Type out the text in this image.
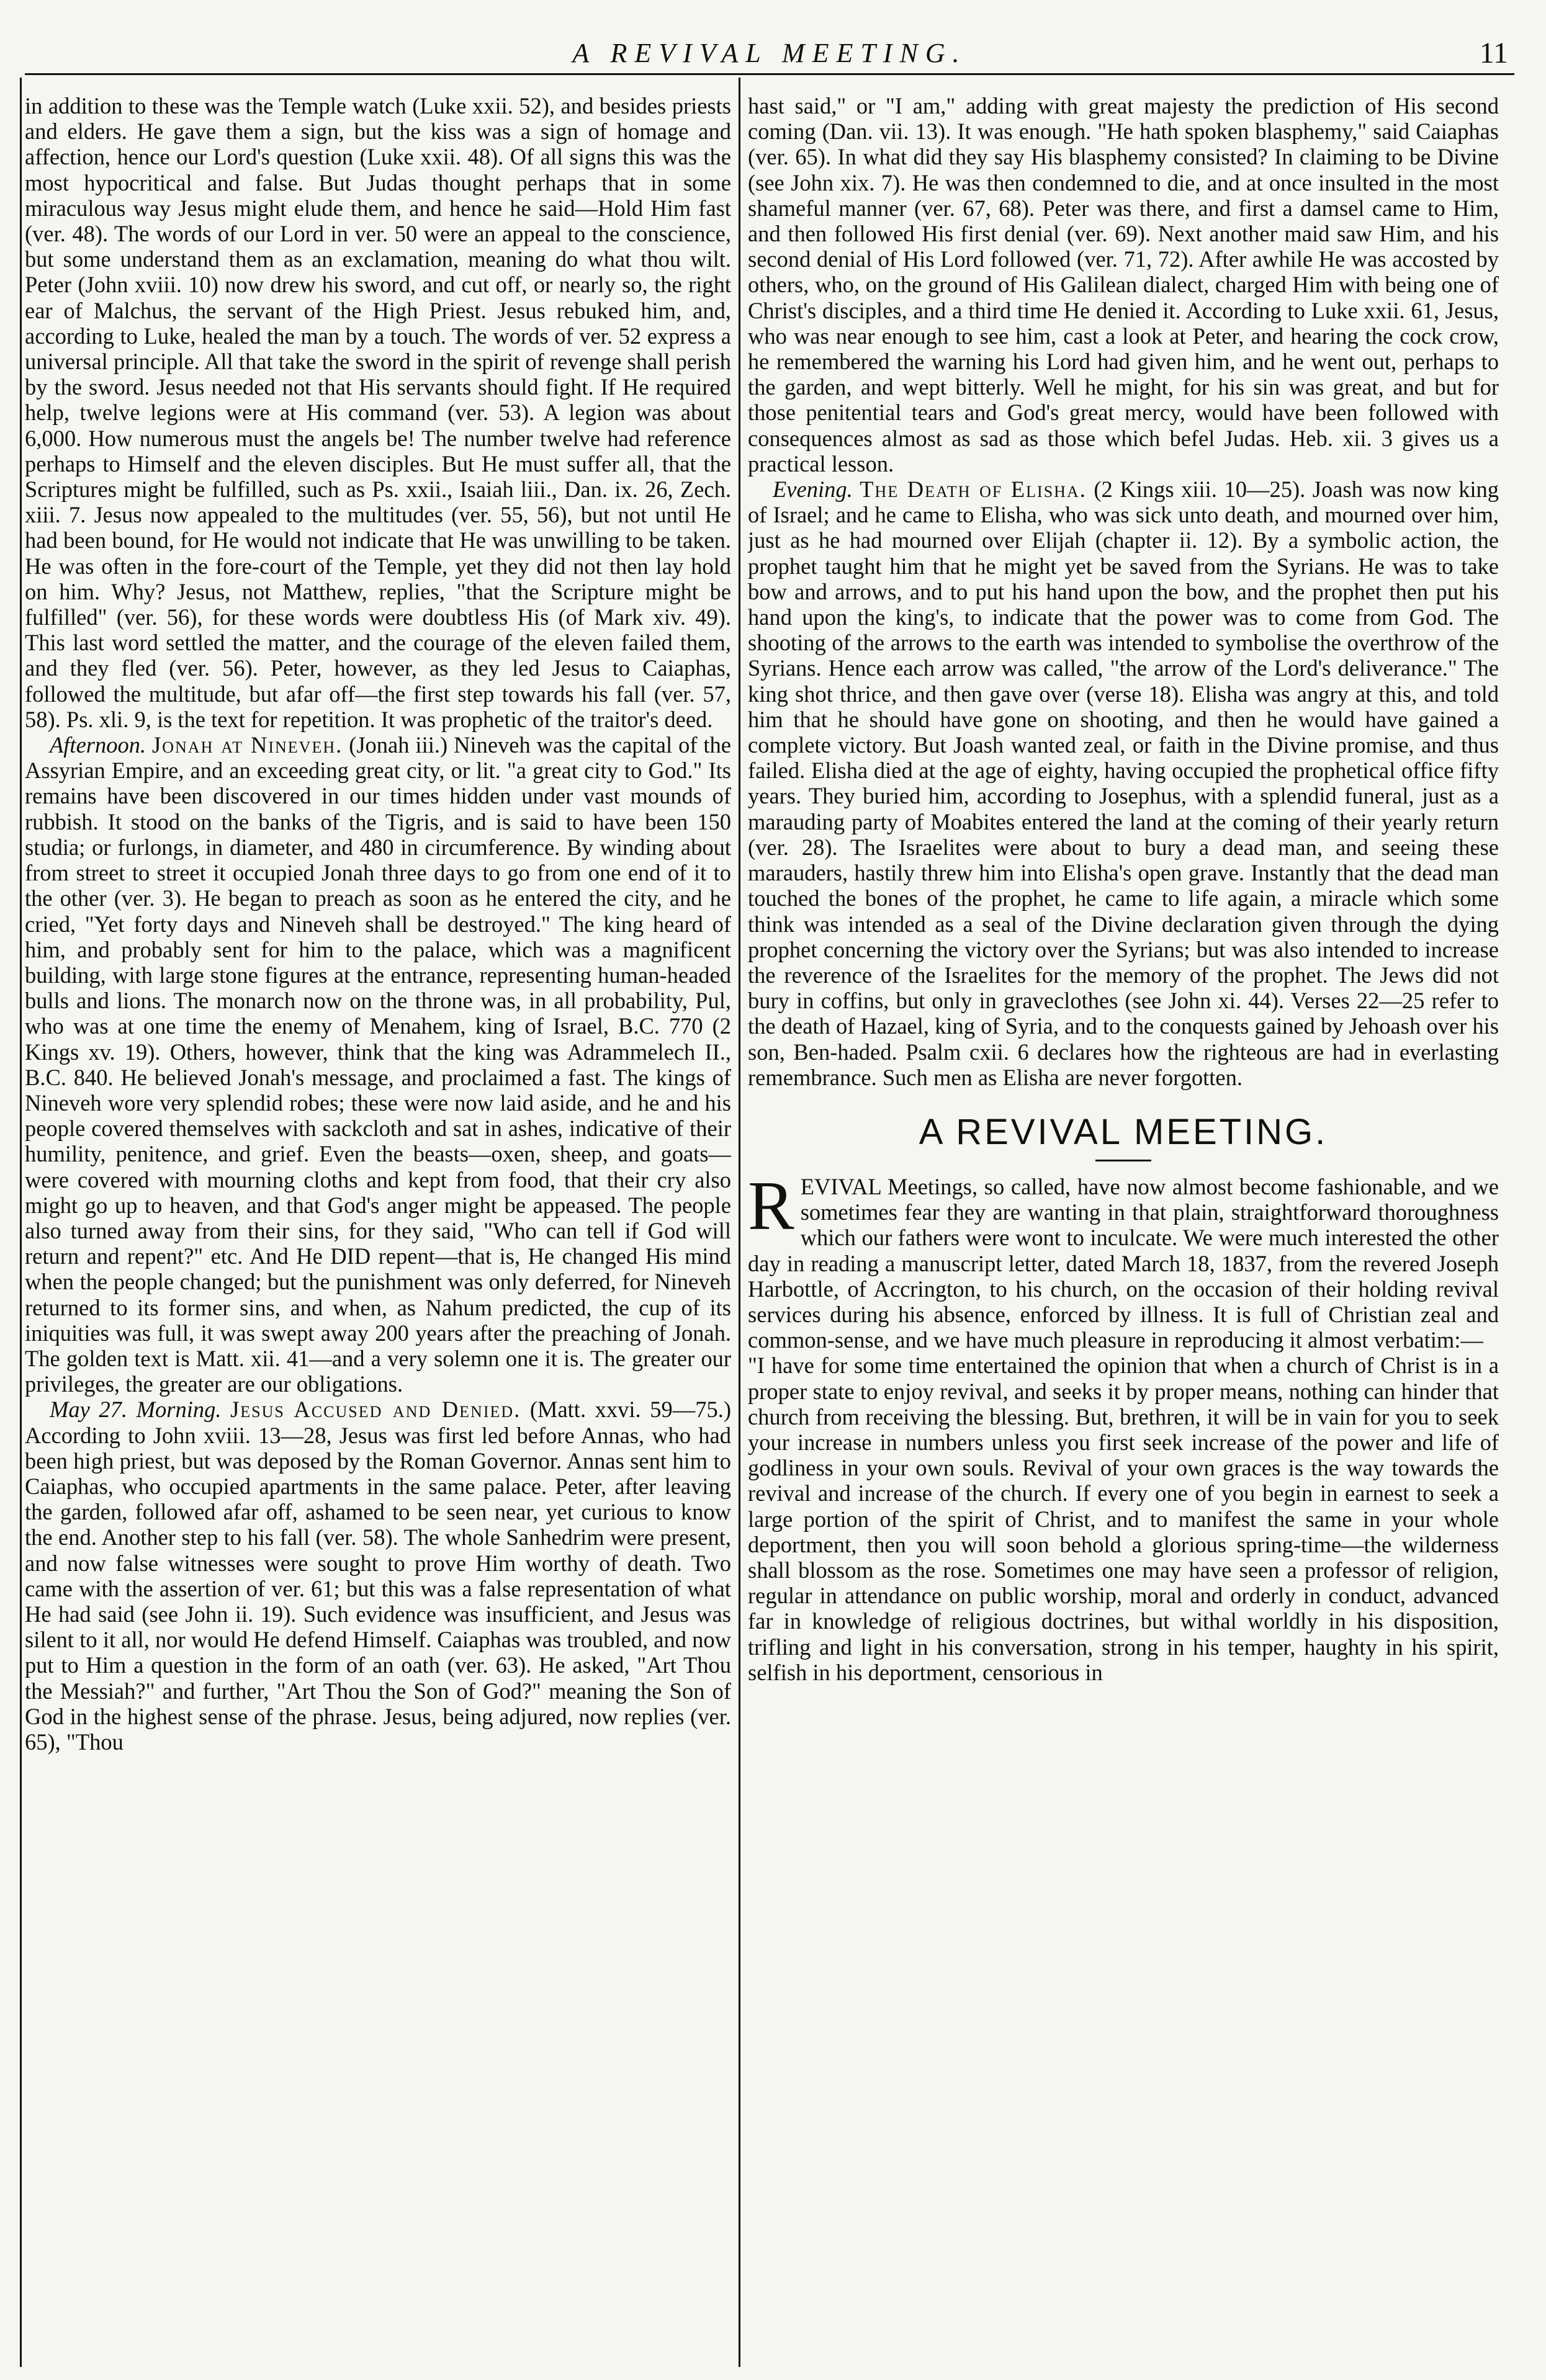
A REVIVAL MEETING.	11

in addition to these was the Temple watch (Luke xxii. 52), and besides priests and elders. He gave them a sign, but the kiss was a sign of homage and affection, hence our Lord's question (Luke xxii. 48). Of all signs this was the most hypocritical and false. But Judas thought perhaps that in some miraculous way Jesus might elude them, and hence he said—Hold Him fast (ver. 48). The words of our Lord in ver. 50 were an appeal to the conscience, but some understand them as an exclamation, meaning do what thou wilt. Peter (John xviii. 10) now drew his sword, and cut off, or nearly so, the right ear of Malchus, the servant of the High Priest. Jesus rebuked him, and, according to Luke, healed the man by a touch. The words of ver. 52 express a universal principle. All that take the sword in the spirit of revenge shall perish by the sword. Jesus needed not that His servants should fight. If He required help, twelve legions were at His command (ver. 53). A legion was about 6,000. How numerous must the angels be! The number twelve had reference perhaps to Himself and the eleven disciples. But He must suffer all, that the Scriptures might be fulfilled, such as Ps. xxii., Isaiah liii., Dan. ix. 26, Zech. xiii. 7. Jesus now appealed to the multitudes (ver. 55, 56), but not until He had been bound, for He would not indicate that He was unwilling to be taken. He was often in the fore-court of the Temple, yet they did not then lay hold on him. Why? Jesus, not Matthew, replies, "that the Scripture might be fulfilled" (ver. 56), for these words were doubtless His (of Mark xiv. 49). This last word settled the matter, and the courage of the eleven failed them, and they fled (ver. 56). Peter, however, as they led Jesus to Caiaphas, followed the multitude, but afar off—the first step towards his fall (ver. 57, 58). Ps. xli. 9, is the text for repetition. It was prophetic of the traitor's deed.

Afternoon. Jonah at Nineveh. (Jonah iii.) Nineveh was the capital of the Assyrian Empire, and an exceeding great city, or lit. "a great city to God." Its remains have been discovered in our times hidden under vast mounds of rubbish. It stood on the banks of the Tigris, and is said to have been 150 studia; or furlongs, in diameter, and 480 in circumference. By winding about from street to street it occupied Jonah three days to go from one end of it to the other (ver. 3). He began to preach as soon as he entered the city, and he cried, "Yet forty days and Nineveh shall be destroyed." The king heard of him, and probably sent for him to the palace, which was a magnificent building, with large stone figures at the entrance, representing human-headed bulls and lions. The monarch now on the throne was, in all probability, Pul, who was at one time the enemy of Menahem, king of Israel, B.C. 770 (2 Kings xv. 19). Others, however, think that the king was Adrammelech II., B.C. 840. He believed Jonah's message, and proclaimed a fast. The kings of Nineveh wore very splendid robes; these were now laid aside, and he and his people covered themselves with sackcloth and sat in ashes, indicative of their humility, penitence, and grief. Even the beasts—oxen, sheep, and goats—were covered with mourning cloths and kept from food, that their cry also might go up to heaven, and that God's anger might be appeased. The people also turned away from their sins, for they said, "Who can tell if God will return and repent?" etc. And He DID repent—that is, He changed His mind when the people changed; but the punishment was only deferred, for Nineveh returned to its former sins, and when, as Nahum predicted, the cup of its iniquities was full, it was swept away 200 years after the preaching of Jonah. The golden text is Matt. xii. 41—and a very solemn one it is. The greater our privileges, the greater are our obligations.

May 27. Morning. Jesus Accused and Denied. (Matt. xxvi. 59—75.) According to John xviii. 13—28, Jesus was first led before Annas, who had been high priest, but was deposed by the Roman Governor. Annas sent him to Caiaphas, who occupied apartments in the same palace. Peter, after leaving the garden, followed afar off, ashamed to be seen near, yet curious to know the end. Another step to his fall (ver. 58). The whole Sanhedrim were present, and now false witnesses were sought to prove Him worthy of death. Two came with the assertion of ver. 61; but this was a false representation of what He had said (see John ii. 19). Such evidence was insufficient, and Jesus was silent to it all, nor would He defend Himself. Caiaphas was troubled, and now put to Him a question in the form of an oath (ver. 63). He asked, "Art Thou the Messiah?" and further, "Art Thou the Son of God?" meaning the Son of God in the highest sense of the phrase. Jesus, being adjured, now replies (ver. 65), "Thou

hast said," or "I am," adding with great majesty the prediction of His second coming (Dan. vii. 13). It was enough. "He hath spoken blasphemy," said Caiaphas (ver. 65). In what did they say His blasphemy consisted? In claiming to be Divine (see John xix. 7). He was then condemned to die, and at once insulted in the most shameful manner (ver. 67, 68). Peter was there, and first a damsel came to Him, and then followed His first denial (ver. 69). Next another maid saw Him, and his second denial of His Lord followed (ver. 71, 72). After awhile He was accosted by others, who, on the ground of His Galilean dialect, charged Him with being one of Christ's disciples, and a third time He denied it. According to Luke xxii. 61, Jesus, who was near enough to see him, cast a look at Peter, and hearing the cock crow, he remembered the warning his Lord had given him, and he went out, perhaps to the garden, and wept bitterly. Well he might, for his sin was great, and but for those penitential tears and God's great mercy, would have been followed with consequences almost as sad as those which befel Judas. Heb. xii. 3 gives us a practical lesson.

Evening. The Death of Elisha. (2 Kings xiii. 10—25). Joash was now king of Israel; and he came to Elisha, who was sick unto death, and mourned over him, just as he had mourned over Elijah (chapter ii. 12). By a symbolic action, the prophet taught him that he might yet be saved from the Syrians. He was to take bow and arrows, and to put his hand upon the bow, and the prophet then put his hand upon the king's, to indicate that the power was to come from God. The shooting of the arrows to the earth was intended to symbolise the overthrow of the Syrians. Hence each arrow was called, "the arrow of the Lord's deliverance." The king shot thrice, and then gave over (verse 18). Elisha was angry at this, and told him that he should have gone on shooting, and then he would have gained a complete victory. But Joash wanted zeal, or faith in the Divine promise, and thus failed. Elisha died at the age of eighty, having occupied the prophetical office fifty years. They buried him, according to Josephus, with a splendid funeral, just as a marauding party of Moabites entered the land at the coming of their yearly return (ver. 28). The Israelites were about to bury a dead man, and seeing these marauders, hastily threw him into Elisha's open grave. Instantly that the dead man touched the bones of the prophet, he came to life again, a miracle which some think was intended as a seal of the Divine declaration given through the dying prophet concerning the victory over the Syrians; but was also intended to increase the reverence of the Israelites for the memory of the prophet. The Jews did not bury in coffins, but only in graveclothes (see John xi. 44). Verses 22—25 refer to the death of Hazael, king of Syria, and to the conquests gained by Jehoash over his son, Ben-haded. Psalm cxii. 6 declares how the righteous are had in everlasting remembrance. Such men as Elisha are never forgotten.

A REVIVAL MEETING.

REVIVAL Meetings, so called, have now almost become fashionable, and we sometimes fear they are wanting in that plain, straightforward thoroughness which our fathers were wont to inculcate. We were much interested the other day in reading a manuscript letter, dated March 18, 1837, from the revered Joseph Harbottle, of Accrington, to his church, on the occasion of their holding revival services during his absence, enforced by illness. It is full of Christian zeal and common-sense, and we have much pleasure in reproducing it almost verbatim:—

"I have for some time entertained the opinion that when a church of Christ is in a proper state to enjoy revival, and seeks it by proper means, nothing can hinder that church from receiving the blessing. But, brethren, it will be in vain for you to seek your increase in numbers unless you first seek increase of the power and life of godliness in your own souls. Revival of your own graces is the way towards the revival and increase of the church. If every one of you begin in earnest to seek a large portion of the spirit of Christ, and to manifest the same in your whole deportment, then you will soon behold a glorious spring-time—the wilderness shall blossom as the rose. Sometimes one may have seen a professor of religion, regular in attendance on public worship, moral and orderly in conduct, advanced far in knowledge of religious doctrines, but withal worldly in his disposition, trifling and light in his conversation, strong in his temper, haughty in his spirit, selfish in his deportment, censorious in
